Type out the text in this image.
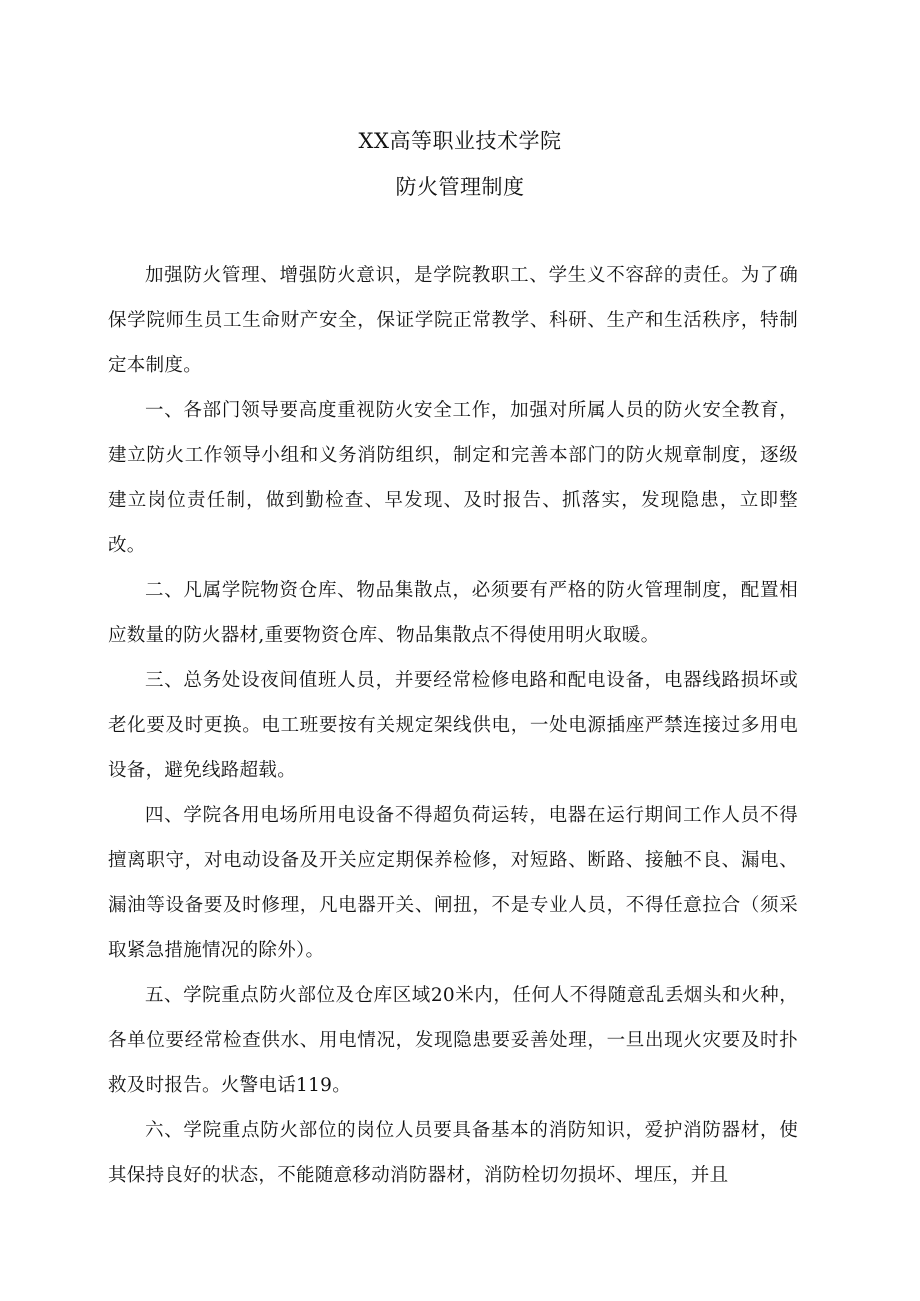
XX高等职业技术学院
防火管理制度

加强防火管理、增强防火意识，是学院教职工、学生义不容辞的责任。为了确保学院师生员工生命财产安全，保证学院正常教学、科研、生产和生活秩序，特制定本制度。

一、各部门领导要高度重视防火安全工作，加强对所属人员的防火安全教育，建立防火工作领导小组和义务消防组织，制定和完善本部门的防火规章制度，逐级建立岗位责任制，做到勤检查、早发现、及时报告、抓落实，发现隐患，立即整改。

二、凡属学院物资仓库、物品集散点，必须要有严格的防火管理制度，配置相应数量的防火器材,重要物资仓库、物品集散点不得使用明火取暖。

三、总务处设夜间值班人员，并要经常检修电路和配电设备，电器线路损坏或老化要及时更换。电工班要按有关规定架线供电，一处电源插座严禁连接过多用电设备，避免线路超载。

四、学院各用电场所用电设备不得超负荷运转，电器在运行期间工作人员不得擅离职守，对电动设备及开关应定期保养检修，对短路、断路、接触不良、漏电、漏油等设备要及时修理，凡电器开关、闸扭，不是专业人员，不得任意拉合（须采取紧急措施情况的除外）。

五、学院重点防火部位及仓库区域20米内，任何人不得随意乱丢烟头和火种，各单位要经常检查供水、用电情况，发现隐患要妥善处理，一旦出现火灾要及时扑救及时报告。火警电话119。

六、学院重点防火部位的岗位人员要具备基本的消防知识，爱护消防器材，使其保持良好的状态，不能随意移动消防器材，消防栓切勿损坏、埋压，并且
